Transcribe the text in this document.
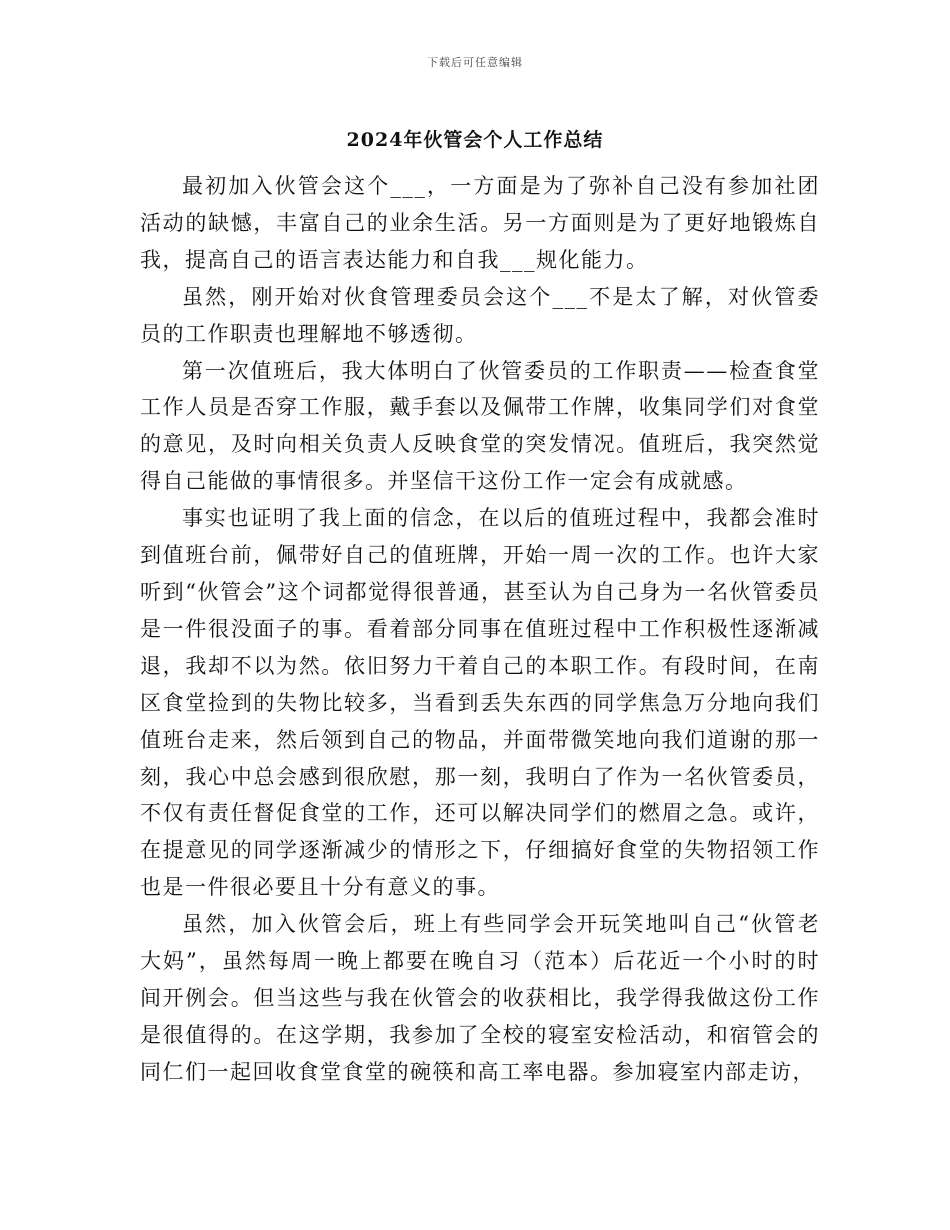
下载后可任意编辑
2024年伙管会个人工作总结

最初加入伙管会这个___，一方面是为了弥补自己没有参加社团活动的缺憾，丰富自己的业余生活。另一方面则是为了更好地锻炼自我，提高自己的语言表达能力和自我___规化能力。

虽然，刚开始对伙食管理委员会这个___不是太了解，对伙管委员的工作职责也理解地不够透彻。

第一次值班后，我大体明白了伙管委员的工作职责——检查食堂工作人员是否穿工作服，戴手套以及佩带工作牌，收集同学们对食堂的意见，及时向相关负责人反映食堂的突发情况。值班后，我突然觉得自己能做的事情很多。并坚信干这份工作一定会有成就感。

事实也证明了我上面的信念，在以后的值班过程中，我都会准时到值班台前，佩带好自己的值班牌，开始一周一次的工作。也许大家听到“伙管会”这个词都觉得很普通，甚至认为自己身为一名伙管委员是一件很没面子的事。看着部分同事在值班过程中工作积极性逐渐减退，我却不以为然。依旧努力干着自己的本职工作。有段时间，在南区食堂捡到的失物比较多，当看到丢失东西的同学焦急万分地向我们值班台走来，然后领到自己的物品，并面带微笑地向我们道谢的那一刻，我心中总会感到很欣慰，那一刻，我明白了作为一名伙管委员，不仅有责任督促食堂的工作，还可以解决同学们的燃眉之急。或许，在提意见的同学逐渐减少的情形之下，仔细搞好食堂的失物招领工作也是一件很必要且十分有意义的事。

虽然，加入伙管会后，班上有些同学会开玩笑地叫自己“伙管老大妈”，虽然每周一晚上都要在晚自习（范本）后花近一个小时的时间开例会。但当这些与我在伙管会的收获相比，我学得我做这份工作是很值得的。在这学期，我参加了全校的寝室安检活动，和宿管会的同仁们一起回收食堂食堂的碗筷和高工率电器。参加寝室内部走访，
